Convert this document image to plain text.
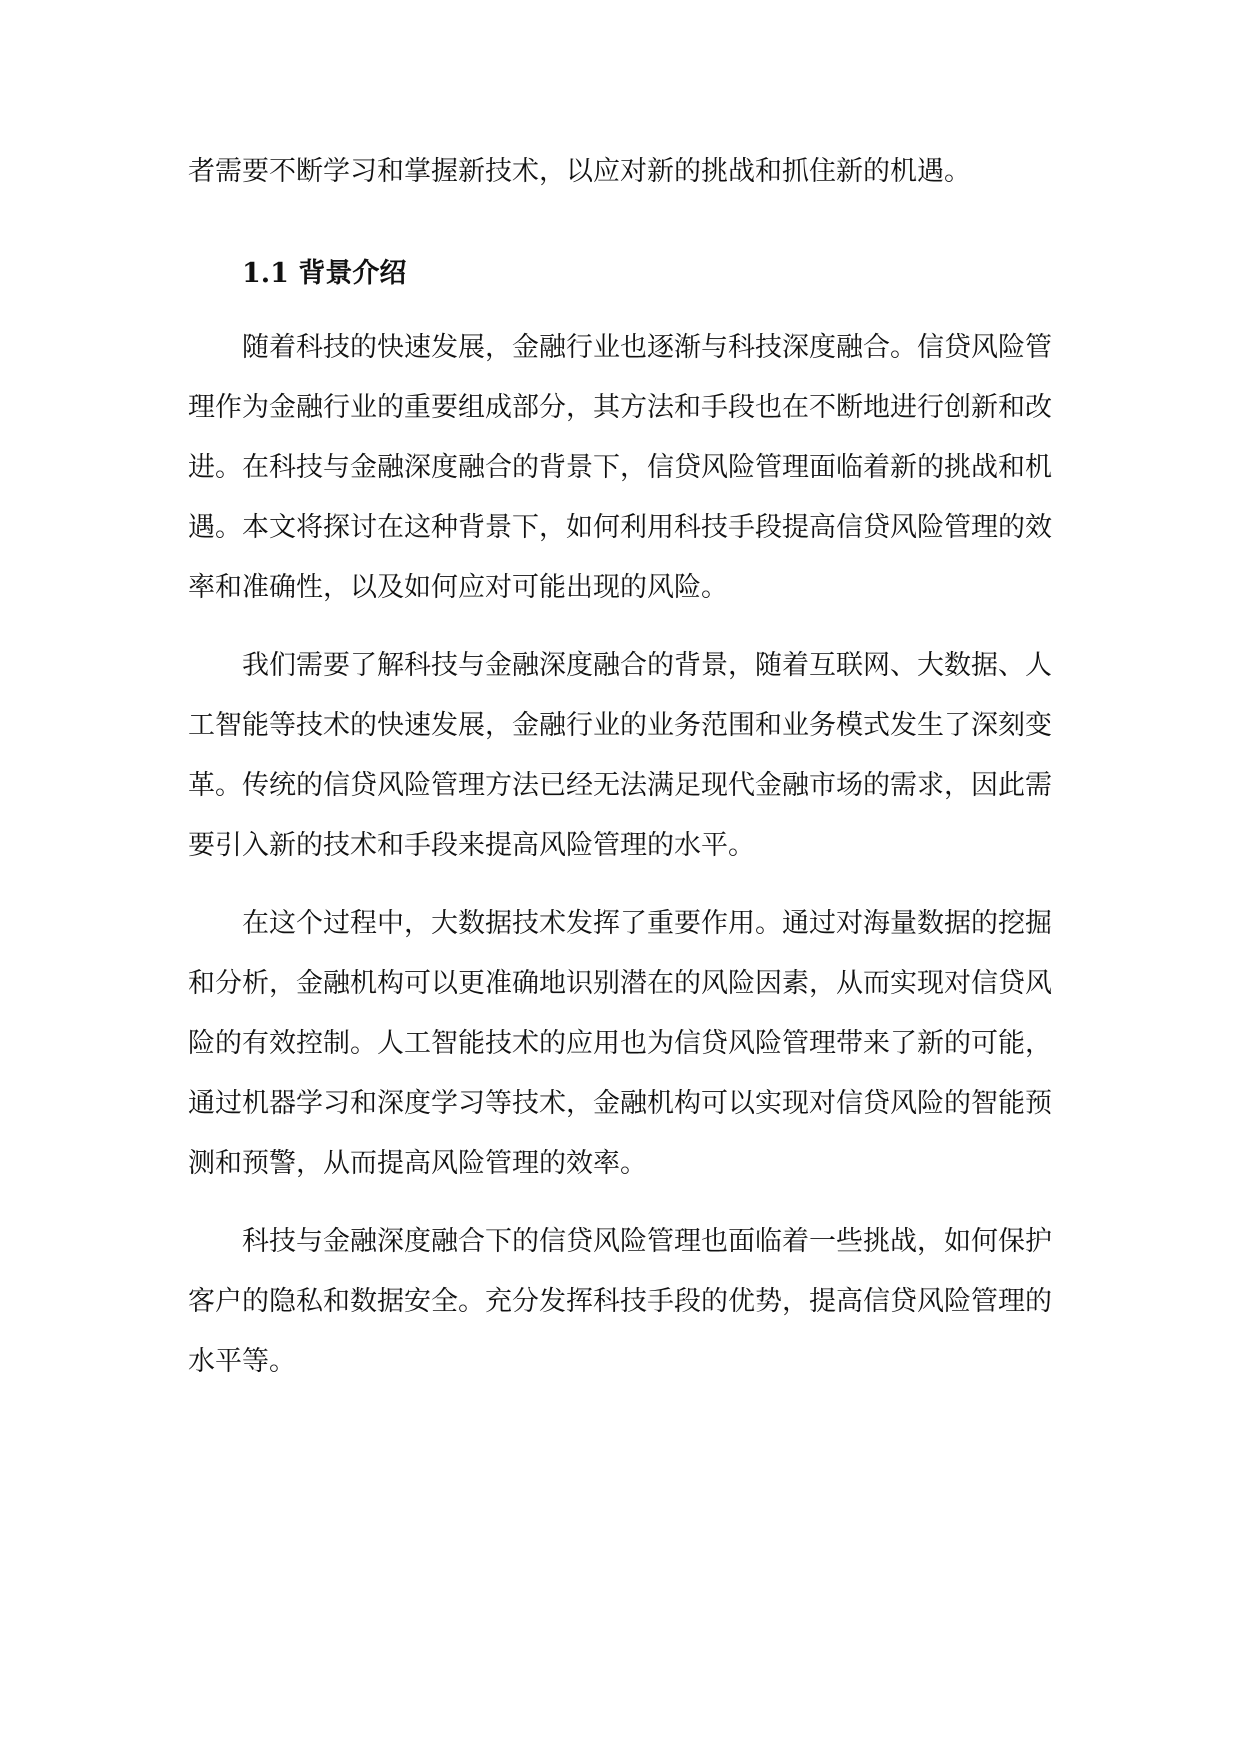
者需要不断学习和掌握新技术，以应对新的挑战和抓住新的机遇。
1.1 背景介绍

随着科技的快速发展，金融行业也逐渐与科技深度融合。信贷风险管理作为金融行业的重要组成部分，其方法和手段也在不断地进行创新和改进。在科技与金融深度融合的背景下，信贷风险管理面临着新的挑战和机遇。本文将探讨在这种背景下，如何利用科技手段提高信贷风险管理的效率和准确性，以及如何应对可能出现的风险。

我们需要了解科技与金融深度融合的背景，随着互联网、大数据、人工智能等技术的快速发展，金融行业的业务范围和业务模式发生了深刻变革。传统的信贷风险管理方法已经无法满足现代金融市场的需求，因此需要引入新的技术和手段来提高风险管理的水平。

在这个过程中，大数据技术发挥了重要作用。通过对海量数据的挖掘和分析，金融机构可以更准确地识别潜在的风险因素，从而实现对信贷风险的有效控制。人工智能技术的应用也为信贷风险管理带来了新的可能，通过机器学习和深度学习等技术，金融机构可以实现对信贷风险的智能预测和预警，从而提高风险管理的效率。

科技与金融深度融合下的信贷风险管理也面临着一些挑战，如何保护客户的隐私和数据安全。充分发挥科技手段的优势，提高信贷风险管理的水平等。
